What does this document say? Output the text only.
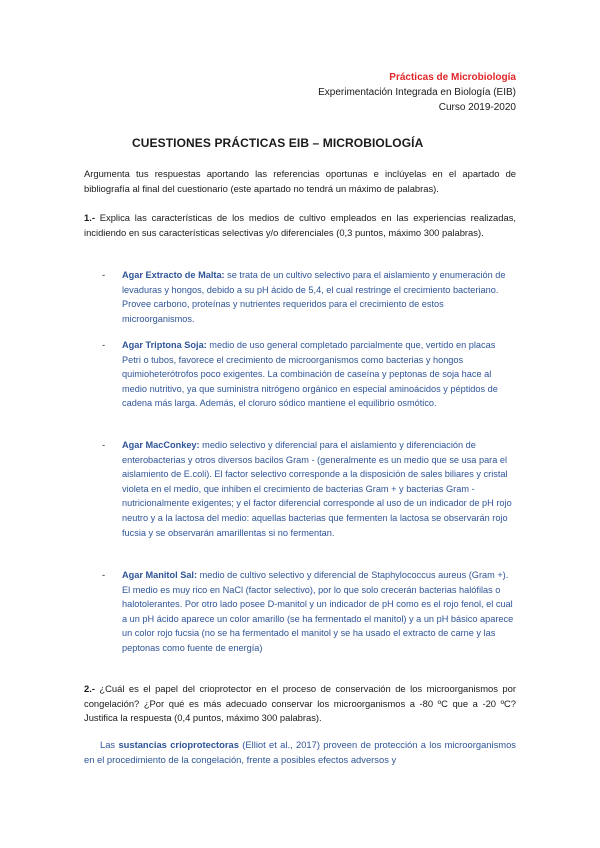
Prácticas de Microbiología
Experimentación Integrada en Biología (EIB)
Curso 2019-2020
CUESTIONES PRÁCTICAS EIB – MICROBIOLOGÍA

Argumenta tus respuestas aportando las referencias oportunas e inclúyelas en el apartado de bibliografía al final del cuestionario (este apartado no tendrá un máximo de palabras).

1.- Explica las características de los medios de cultivo empleados en las experiencias realizadas, incidiendo en sus características selectivas y/o diferenciales (0,3 puntos, máximo 300 palabras).

- Agar Extracto de Malta: se trata de un cultivo selectivo para el aislamiento y enumeración de levaduras y hongos, debido a su pH ácido de 5,4, el cual restringe el crecimiento bacteriano. Provee carbono, proteínas y nutrientes requeridos para el crecimiento de estos microorganismos.

- Agar Triptona Soja: medio de uso general completado parcialmente que, vertido en placas Petri o tubos, favorece el crecimiento de microorganismos como bacterias y hongos quimioheterótrofos poco exigentes. La combinación de caseína y peptonas de soja hace al medio nutritivo, ya que suministra nitrógeno orgánico en especial aminoácidos y péptidos de cadena más larga. Además, el cloruro sódico mantiene el equilibrio osmótico.

- Agar MacConkey: medio selectivo y diferencial para el aislamiento y diferenciación de enterobacterias y otros diversos bacilos Gram - (generalmente es un medio que se usa para el aislamiento de E.coli). El factor selectivo corresponde a la disposición de sales biliares y cristal violeta en el medio, que inhiben el crecimiento de bacterias Gram + y bacterias Gram - nutricionalmente exigentes; y el factor diferencial corresponde al uso de un indicador de pH rojo neutro y a la lactosa del medio: aquellas bacterias que fermenten la lactosa se observarán rojo fucsia y se observarán amarillentas si no fermentan.

- Agar Manitol Sal: medio de cultivo selectivo y diferencial de Staphylococcus aureus (Gram +). El medio es muy rico en NaCl (factor selectivo), por lo que solo crecerán bacterias halófilas o halotolerantes. Por otro lado posee D-manitol y un indicador de pH como es el rojo fenol, el cual a un pH ácido aparece un color amarillo (se ha fermentado el manitol) y a un pH básico aparece un color rojo fucsia (no se ha fermentado el manitol y se ha usado el extracto de carne y las peptonas como fuente de energía)

2.- ¿Cuál es el papel del crioprotector en el proceso de conservación de los microorganismos por congelación? ¿Por qué es más adecuado conservar los microorganismos a -80 ºC que a -20 ºC? Justifica la respuesta (0,4 puntos, máximo 300 palabras).

Las sustancias crioprotectoras (Elliot et al., 2017) proveen de protección a los microorganismos en el procedimiento de la congelación, frente a posibles efectos adversos y
